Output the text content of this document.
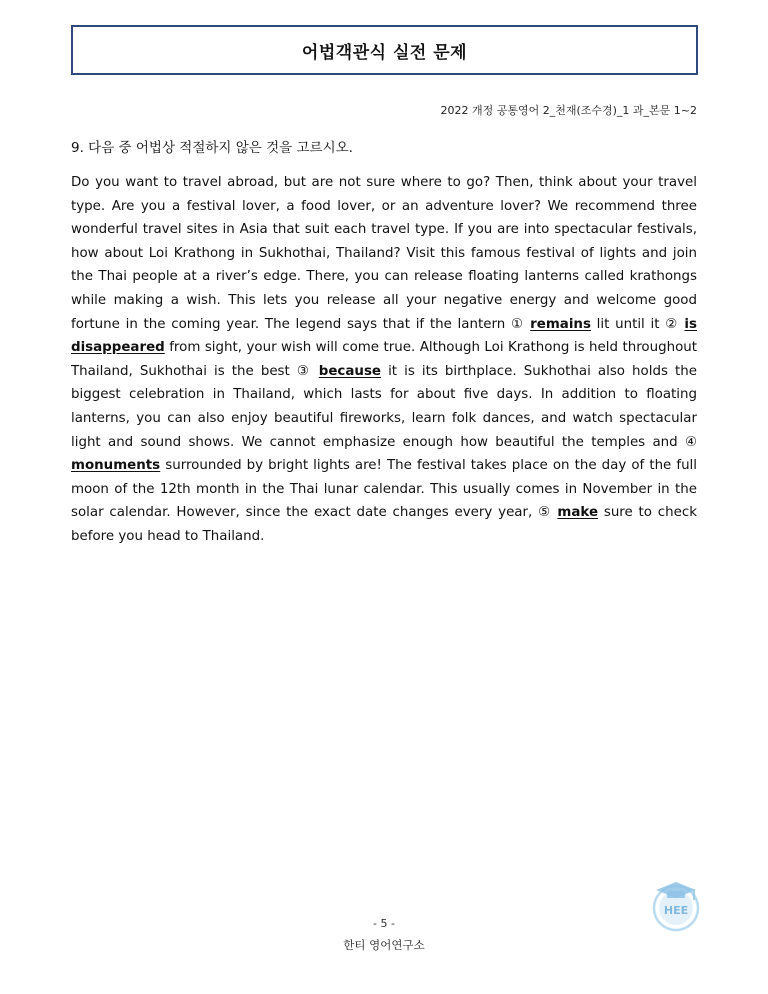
어법객관식 실전 문제
2022 개정 공통영어 2_천재(조수경)_1 과_본문 1~2
9. 다음 중 어법상 적절하지 않은 것을 고르시오.
Do you want to travel abroad, but are not sure where to go? Then, think about your travel type. Are you a festival lover, a food lover, or an adventure lover? We recommend three wonderful travel sites in Asia that suit each travel type. If you are into spectacular festivals, how about Loi Krathong in Sukhothai, Thailand? Visit this famous festival of lights and join the Thai people at a river’s edge. There, you can release floating lanterns called krathongs while making a wish. This lets you release all your negative energy and welcome good fortune in the coming year. The legend says that if the lantern ① remains lit until it ② is disappeared from sight, your wish will come true. Although Loi Krathong is held throughout Thailand, Sukhothai is the best ③ because it is its birthplace. Sukhothai also holds the biggest celebration in Thailand, which lasts for about five days. In addition to floating lanterns, you can also enjoy beautiful fireworks, learn folk dances, and watch spectacular light and sound shows. We cannot emphasize enough how beautiful the temples and ④ monuments surrounded by bright lights are! The festival takes place on the day of the full moon of the 12th month in the Thai lunar calendar. This usually comes in November in the solar calendar. However, since the exact date changes every year, ⑤ make sure to check before you head to Thailand.
- 5 -
한티 영어연구소
HEE
